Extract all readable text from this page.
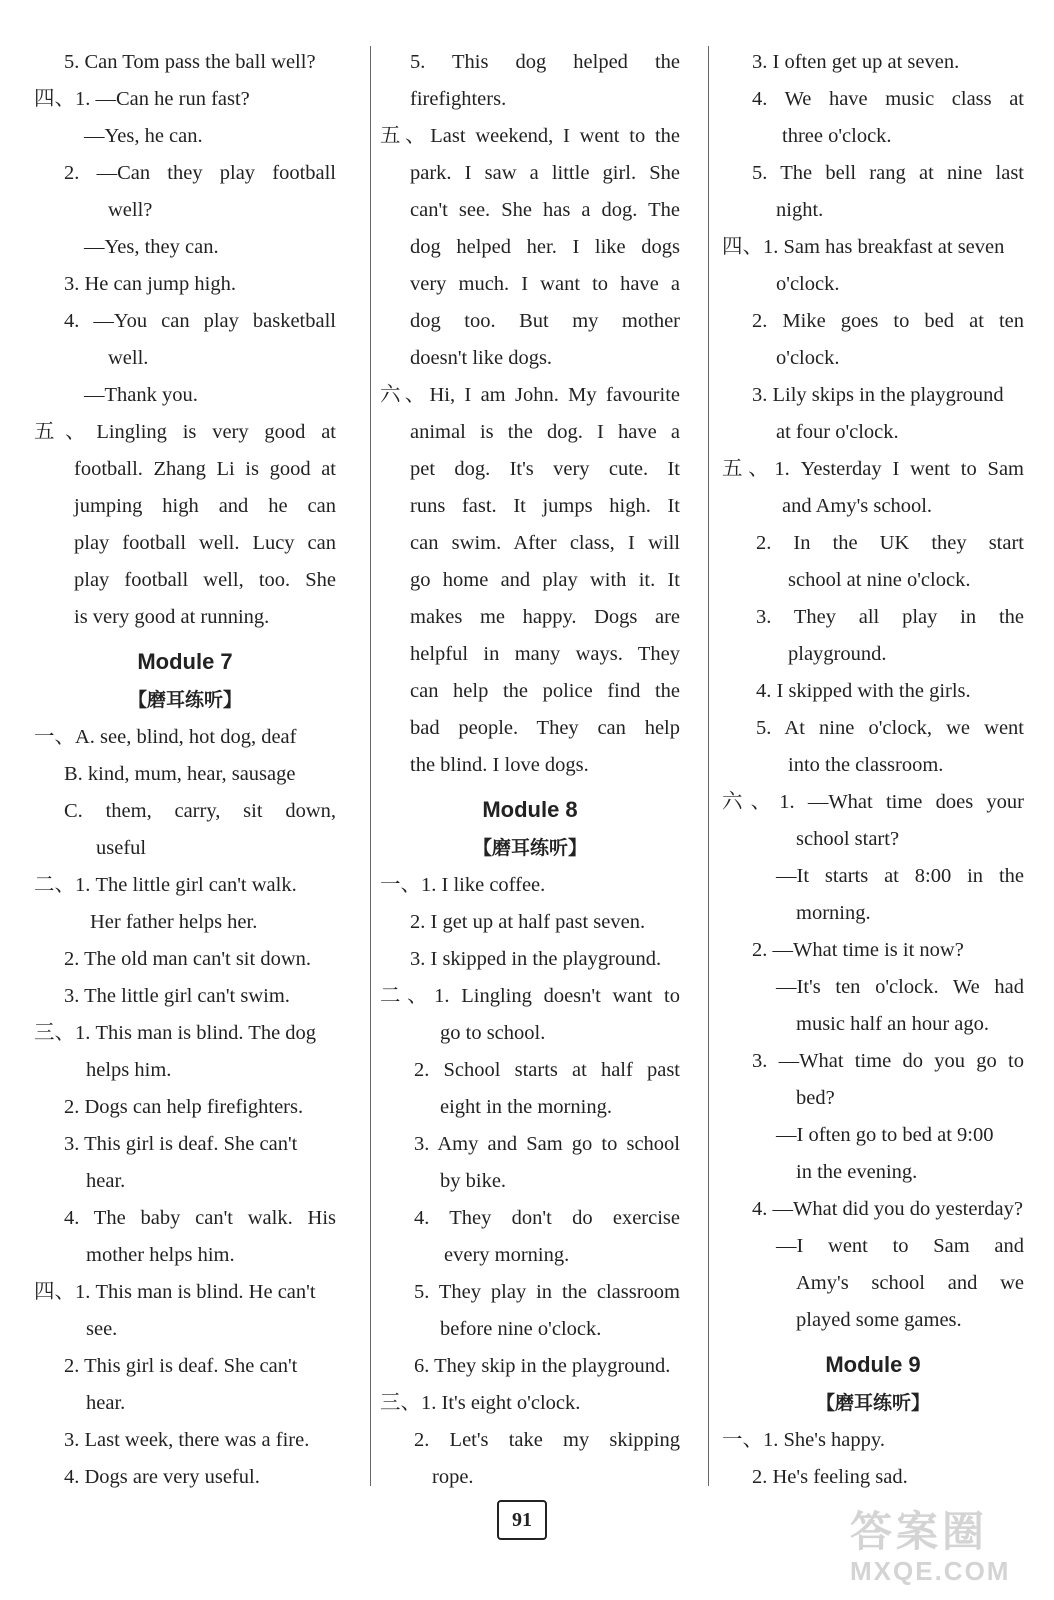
5. Can Tom pass the ball well?
四、1. —Can he run fast?
—Yes, he can.
2. —Can they play football
well?
—Yes, they can.
3. He can jump high.
4. —You can play basketball
well.
—Thank you.
五、Lingling is very good at
football. Zhang Li is good at
jumping high and he can
play football well. Lucy can
play football well, too. She
is very good at running.
Module 7
【磨耳练听】
一、A. see, blind, hot dog, deaf
B. kind, mum, hear, sausage
C. them, carry, sit down,
useful
二、1. The little girl can't walk.
Her father helps her.
2. The old man can't sit down.
3. The little girl can't swim.
三、1. This man is blind. The dog
helps him.
2. Dogs can help firefighters.
3. This girl is deaf. She can't
hear.
4. The baby can't walk. His
mother helps him.
四、1. This man is blind. He can't
see.
2. This girl is deaf. She can't
hear.
3. Last week, there was a fire.
4. Dogs are very useful.
5. This dog helped the
firefighters.
五、Last weekend, I went to the
park. I saw a little girl. She
can't see. She has a dog. The
dog helped her. I like dogs
very much. I want to have a
dog too. But my mother
doesn't like dogs.
六、Hi, I am John. My favourite
animal is the dog. I have a
pet dog. It's very cute. It
runs fast. It jumps high. It
can swim. After class, I will
go home and play with it. It
makes me happy. Dogs are
helpful in many ways. They
can help the police find the
bad people. They can help
the blind. I love dogs.
Module 8
【磨耳练听】
一、1. I like coffee.
2. I get up at half past seven.
3. I skipped in the playground.
二、1. Lingling doesn't want to
go to school.
2. School starts at half past
eight in the morning.
3. Amy and Sam go to school
by bike.
4. They don't do exercise
every morning.
5. They play in the classroom
before nine o'clock.
6. They skip in the playground.
三、1. It's eight o'clock.
2. Let's take my skipping
rope.
3. I often get up at seven.
4. We have music class at
three o'clock.
5. The bell rang at nine last
night.
四、1. Sam has breakfast at seven
o'clock.
2. Mike goes to bed at ten
o'clock.
3. Lily skips in the playground
at four o'clock.
五、1. Yesterday I went to Sam
and Amy's school.
2. In the UK they start
school at nine o'clock.
3. They all play in the
playground.
4. I skipped with the girls.
5. At nine o'clock, we went
into the classroom.
六、1. —What time does your
school start?
—It starts at 8:00 in the
morning.
2. —What time is it now?
—It's ten o'clock. We had
music half an hour ago.
3. —What time do you go to
bed?
—I often go to bed at 9:00
in the evening.
4. —What did you do yesterday?
—I went to Sam and
Amy's school and we
played some games.
Module 9
【磨耳练听】
一、1. She's happy.
2. He's feeling sad.
91	答案圈
MXQE.COM
